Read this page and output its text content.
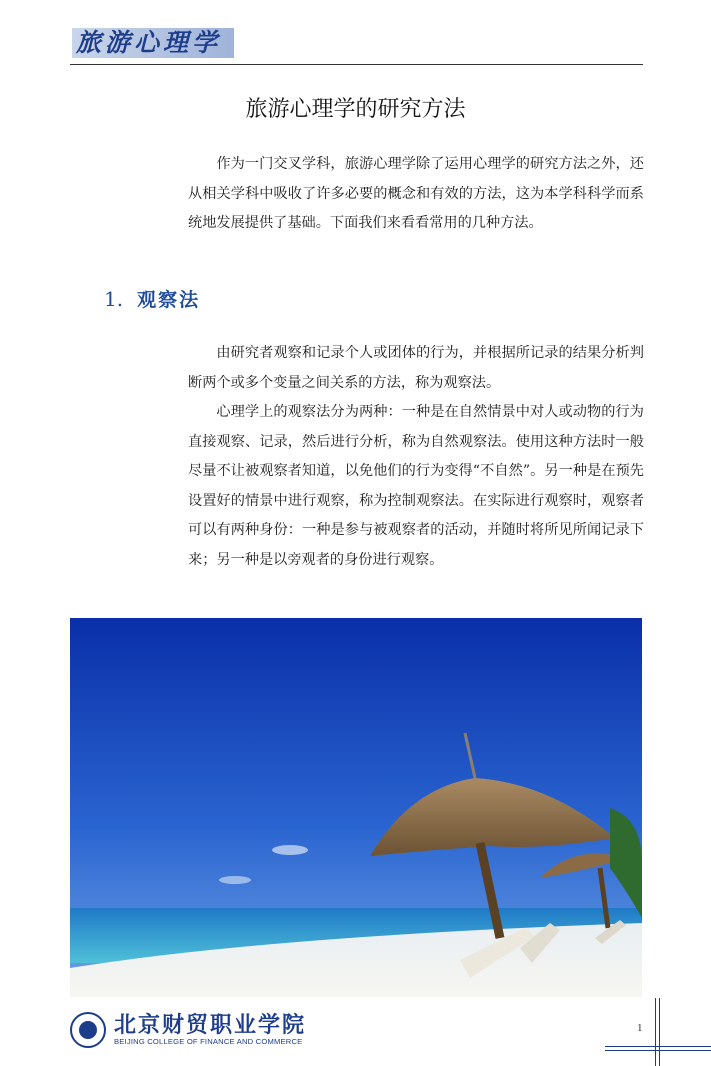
旅游心理学
旅游心理学的研究方法

作为一门交叉学科，旅游心理学除了运用心理学的研究方法之外，还从相关学科中吸收了许多必要的概念和有效的方法，这为本学科科学而系统地发展提供了基础。下面我们来看看常用的几种方法。

1. 观察法

由研究者观察和记录个人或团体的行为，并根据所记录的结果分析判断两个或多个变量之间关系的方法，称为观察法。

心理学上的观察法分为两种：一种是在自然情景中对人或动物的行为直接观察、记录，然后进行分析，称为自然观察法。使用这种方法时一般尽量不让被观察者知道，以免他们的行为变得“不自然”。另一种是在预先设置好的情景中进行观察，称为控制观察法。在实际进行观察时，观察者可以有两种身份：一种是参与被观察者的活动，并随时将所见所闻记录下来；另一种是以旁观者的身份进行观察。

北京财贸职业学院
BEIJING COLLEGE OF FINANCE AND COMMERCE
1
